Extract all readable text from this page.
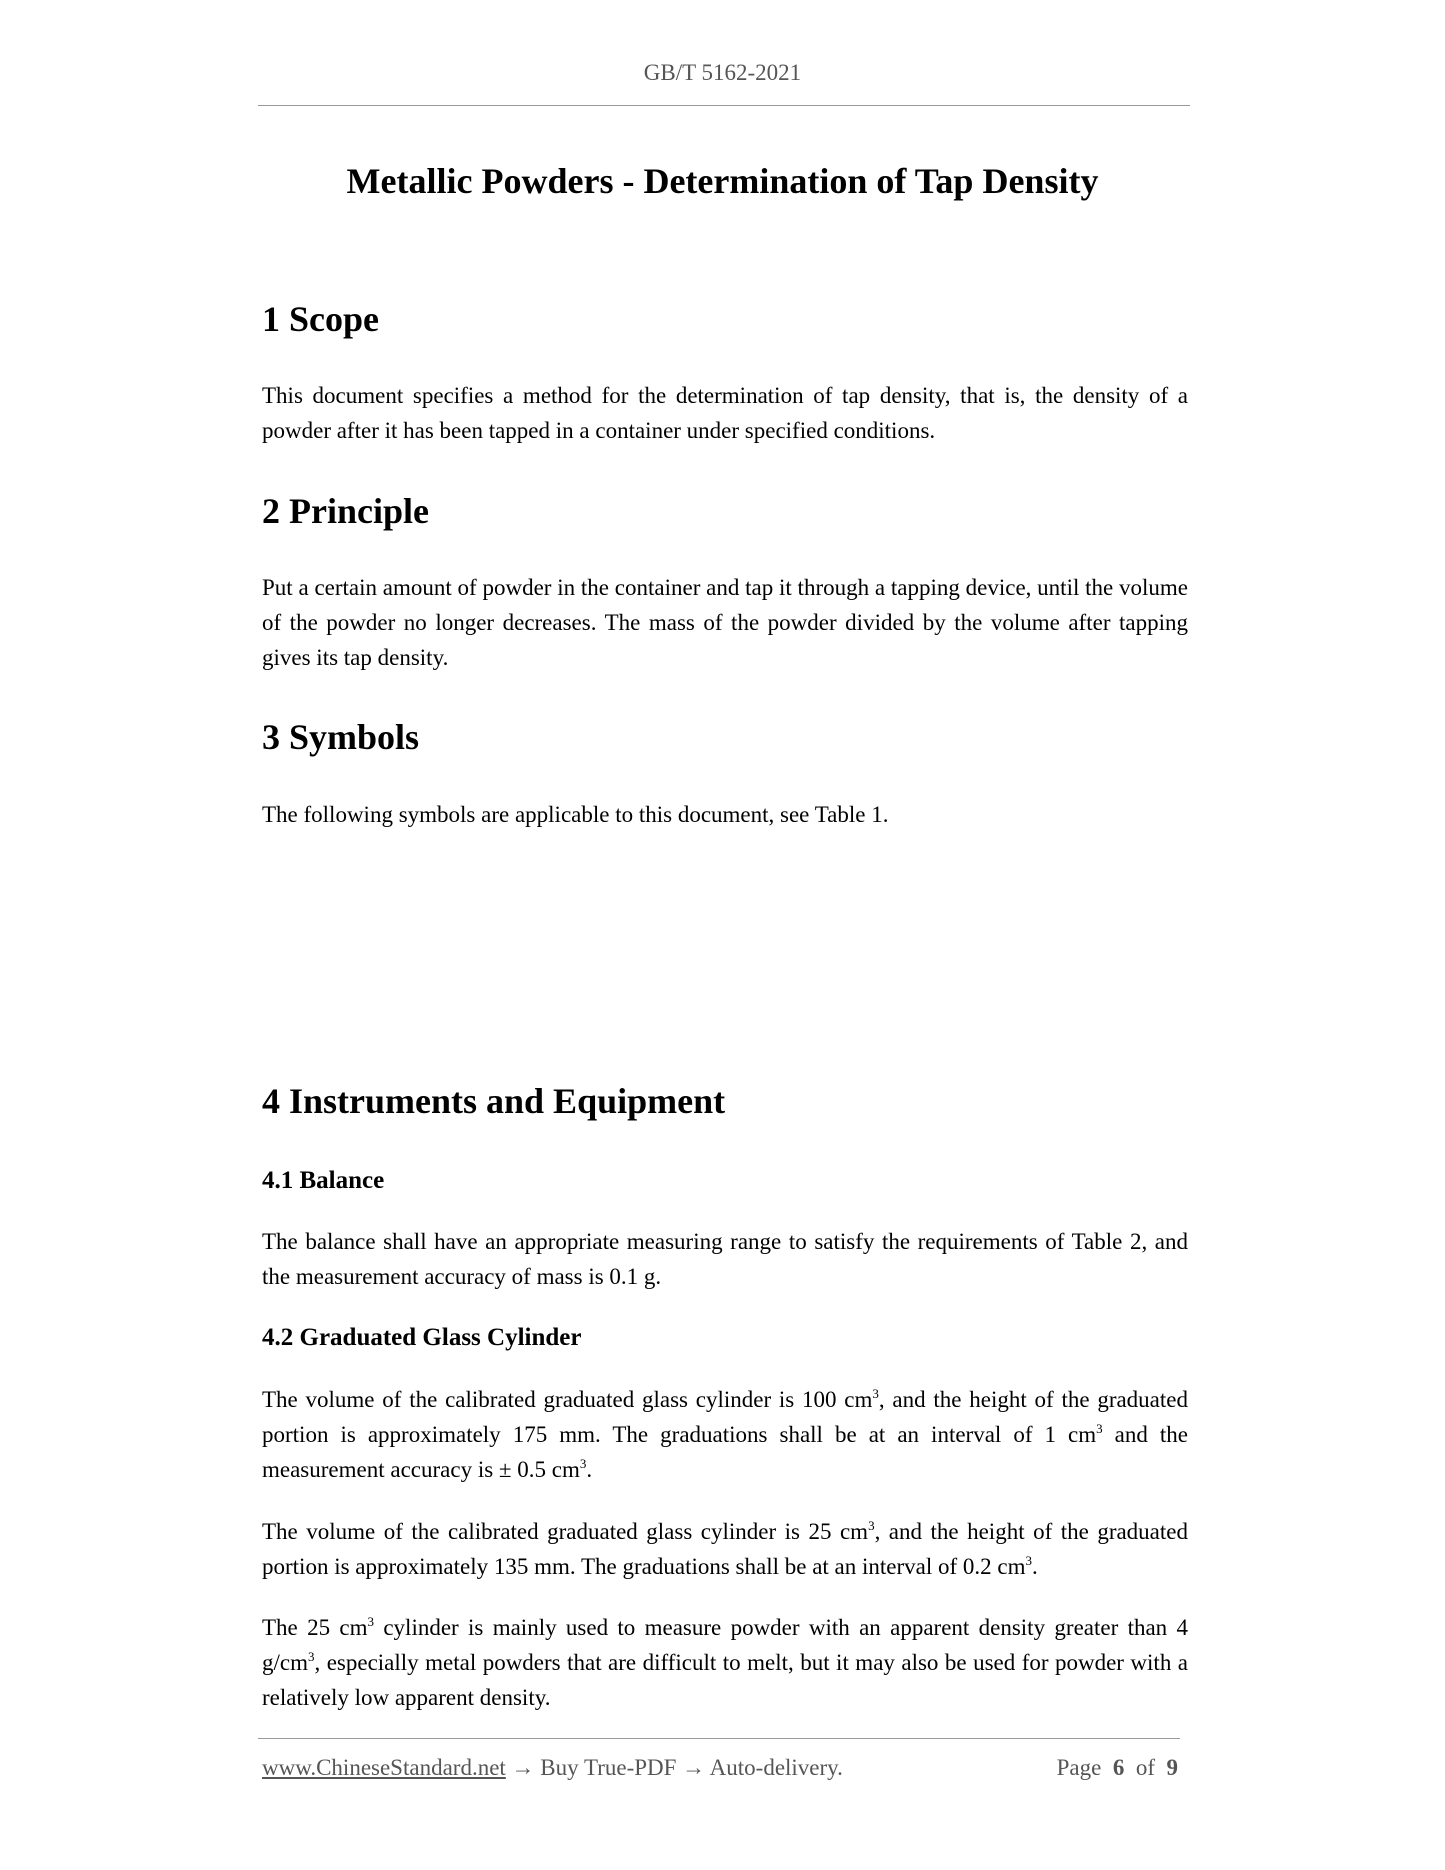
GB/T 5162-2021
Metallic Powders - Determination of Tap Density
1 Scope

This document specifies a method for the determination of tap density, that is, the density of a powder after it has been tapped in a container under specified conditions.

2 Principle

Put a certain amount of powder in the container and tap it through a tapping device, until the volume of the powder no longer decreases. The mass of the powder divided by the volume after tapping gives its tap density.

3 Symbols

The following symbols are applicable to this document, see Table 1.

4 Instruments and Equipment
4.1 Balance

The balance shall have an appropriate measuring range to satisfy the requirements of Table 2, and the measurement accuracy of mass is 0.1 g.

4.2 Graduated Glass Cylinder

The volume of the calibrated graduated glass cylinder is 100 $cm^3$, and the height of the graduated portion is approximately 175 mm. The graduations shall be at an interval of 1 $cm^3$ and the measurement accuracy is ± 0.5 $cm^3$.

The volume of the calibrated graduated glass cylinder is 25 $cm^3$, and the height of the graduated portion is approximately 135 mm. The graduations shall be at an interval of 0.2 $cm^3$.

The 25 $cm^3$ cylinder is mainly used to measure powder with an apparent density greater than 4 $g/cm^3$, especially metal powders that are difficult to melt, but it may also be used for powder with a relatively low apparent density.

www.ChineseStandard.net → Buy True-PDF → Auto-delivery.	Page 6 of 9
